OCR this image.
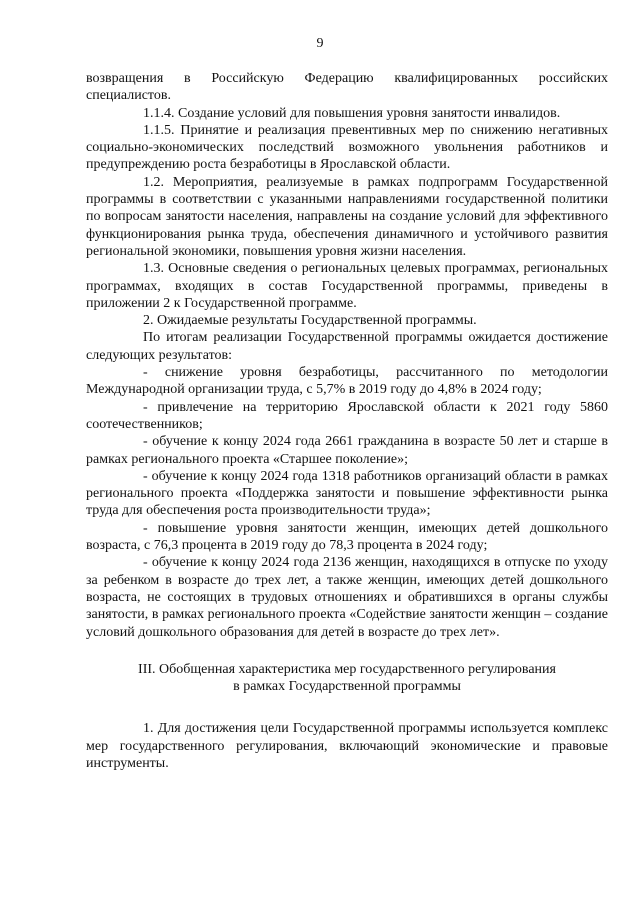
9

возвращения в Российскую Федерацию квалифицированных российских специалистов.

1.1.4. Создание условий для повышения уровня занятости инвалидов.

1.1.5. Принятие и реализация превентивных мер по снижению негативных социально-экономических последствий возможного увольнения работников и предупреждению роста безработицы в Ярославской области.

1.2. Мероприятия, реализуемые в рамках подпрограмм Государственной программы в соответствии с указанными направлениями государственной политики по вопросам занятости населения, направлены на создание условий для эффективного функционирования рынка труда, обеспечения динамичного и устойчивого развития региональной экономики, повышения уровня жизни населения.

1.3. Основные сведения о региональных целевых программах, региональных программах, входящих в состав Государственной программы, приведены в приложении 2 к Государственной программе.

2. Ожидаемые результаты Государственной программы.

По итогам реализации Государственной программы ожидается достижение следующих результатов:

- снижение уровня безработицы, рассчитанного по методологии Международной организации труда, с 5,7% в 2019 году до 4,8% в 2024 году;

- привлечение на территорию Ярославской области к 2021 году 5860 соотечественников;

- обучение к концу 2024 года 2661 гражданина в возрасте 50 лет и старше в рамках регионального проекта «Старшее поколение»;

- обучение к концу 2024 года 1318 работников организаций области в рамках регионального проекта «Поддержка занятости и повышение эффективности рынка труда для обеспечения роста производительности труда»;

- повышение уровня занятости женщин, имеющих детей дошкольного возраста, с 76,3 процента в 2019 году до 78,3 процента в 2024 году;

- обучение к концу 2024 года 2136 женщин, находящихся в отпуске по уходу за ребенком в возрасте до трех лет, а также женщин, имеющих детей дошкольного возраста, не состоящих в трудовых отношениях и обратившихся в органы службы занятости, в рамках регионального проекта «Содействие занятости женщин – создание условий дошкольного образования для детей в возрасте до трех лет».

III. Обобщенная характеристика мер государственного регулирования
в рамках Государственной программы

1. Для достижения цели Государственной программы используется комплекс мер государственного регулирования, включающий экономические и правовые инструменты.
